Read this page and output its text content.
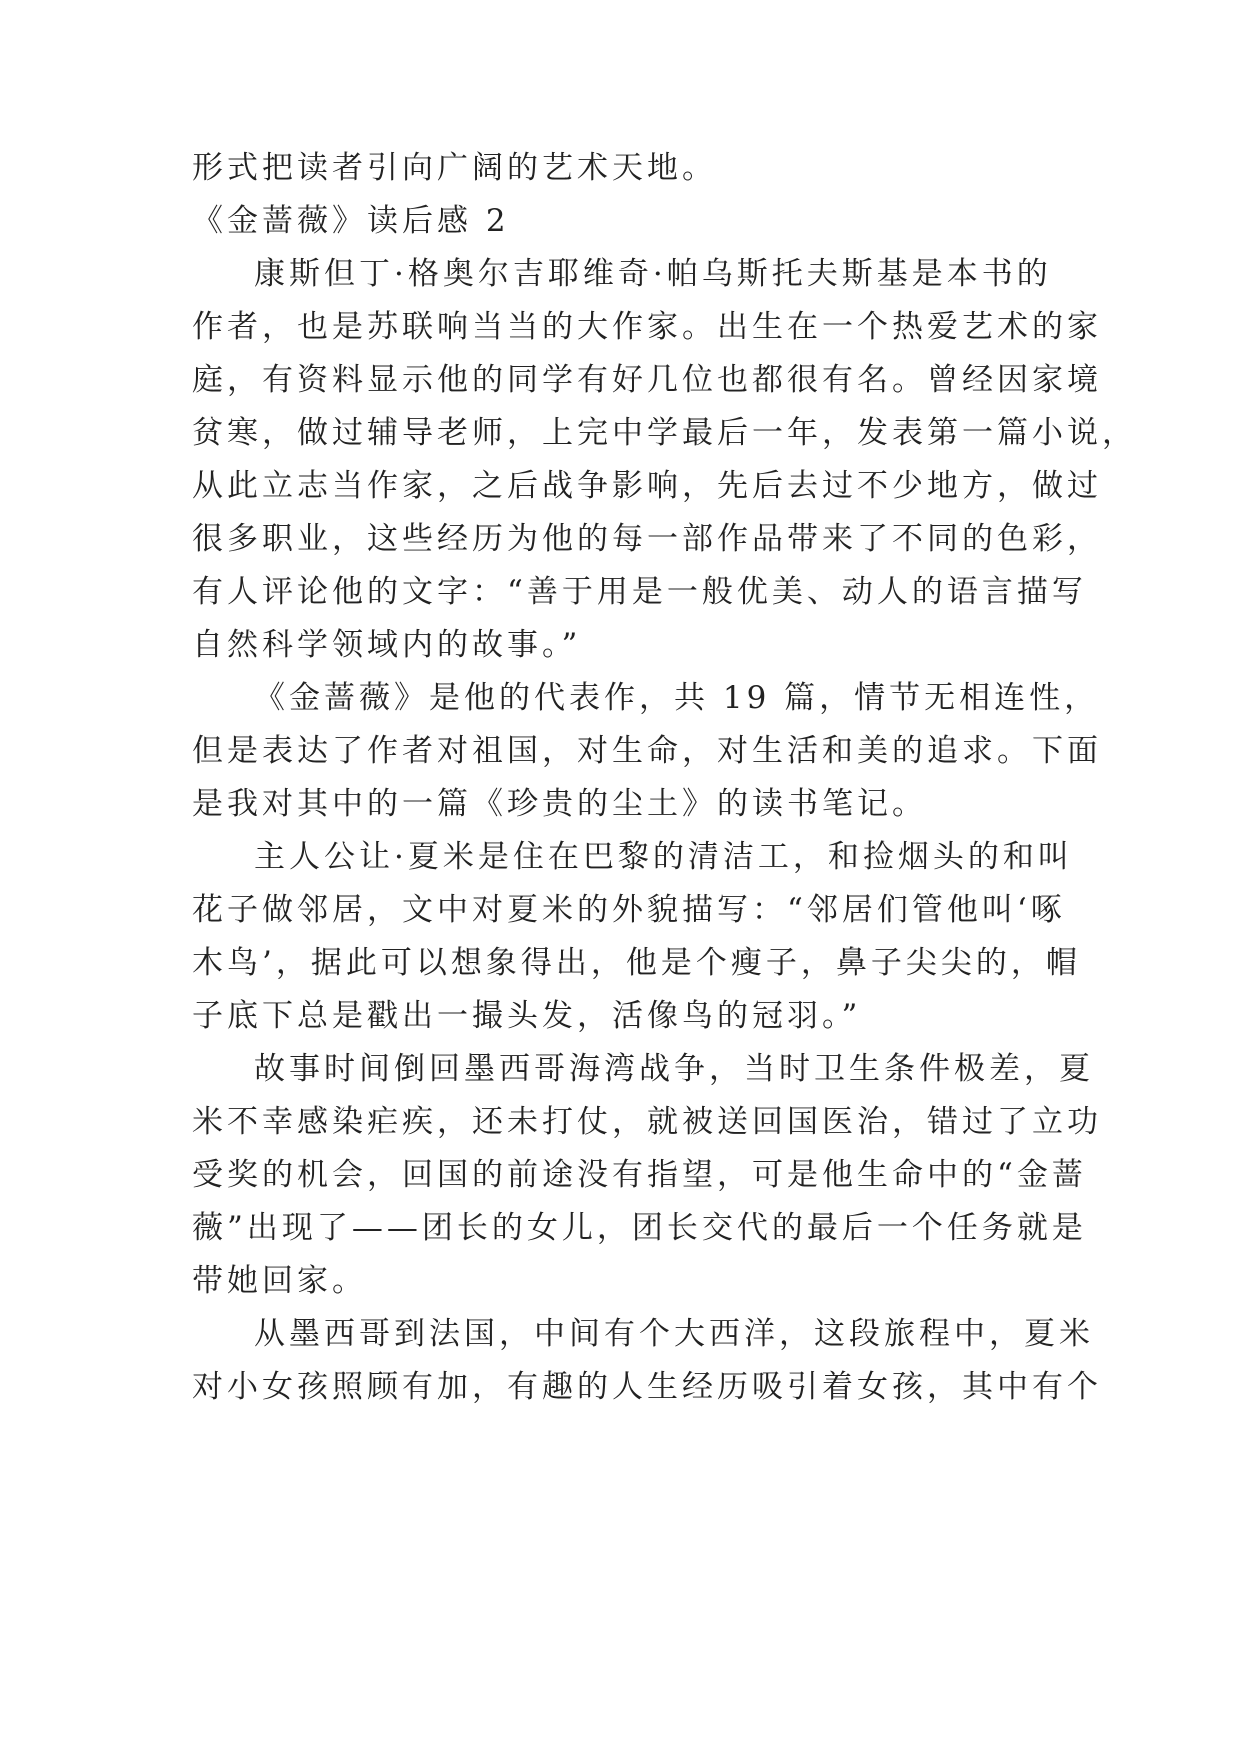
形式把读者引向广阔的艺术天地。
《金蔷薇》读后感 2
康斯但丁·格奥尔吉耶维奇·帕乌斯托夫斯基是本书的
作者，也是苏联响当当的大作家。出生在一个热爱艺术的家
庭，有资料显示他的同学有好几位也都很有名。曾经因家境
贫寒，做过辅导老师，上完中学最后一年，发表第一篇小说，
从此立志当作家，之后战争影响，先后去过不少地方，做过
很多职业，这些经历为他的每一部作品带来了不同的色彩，
有人评论他的文字：“善于用是一般优美、动人的语言描写
自然科学领域内的故事。”
《金蔷薇》是他的代表作，共 19 篇，情节无相连性，
但是表达了作者对祖国，对生命，对生活和美的追求。下面
是我对其中的一篇《珍贵的尘土》的读书笔记。
主人公让·夏米是住在巴黎的清洁工，和捡烟头的和叫
花子做邻居，文中对夏米的外貌描写：“邻居们管他叫‘啄
木鸟’，据此可以想象得出，他是个瘦子，鼻子尖尖的，帽
子底下总是戳出一撮头发，活像鸟的冠羽。”
故事时间倒回墨西哥海湾战争，当时卫生条件极差，夏
米不幸感染疟疾，还未打仗，就被送回国医治，错过了立功
受奖的机会，回国的前途没有指望，可是他生命中的“金蔷
薇”出现了——团长的女儿，团长交代的最后一个任务就是
带她回家。
从墨西哥到法国，中间有个大西洋，这段旅程中，夏米
对小女孩照顾有加，有趣的人生经历吸引着女孩，其中有个
